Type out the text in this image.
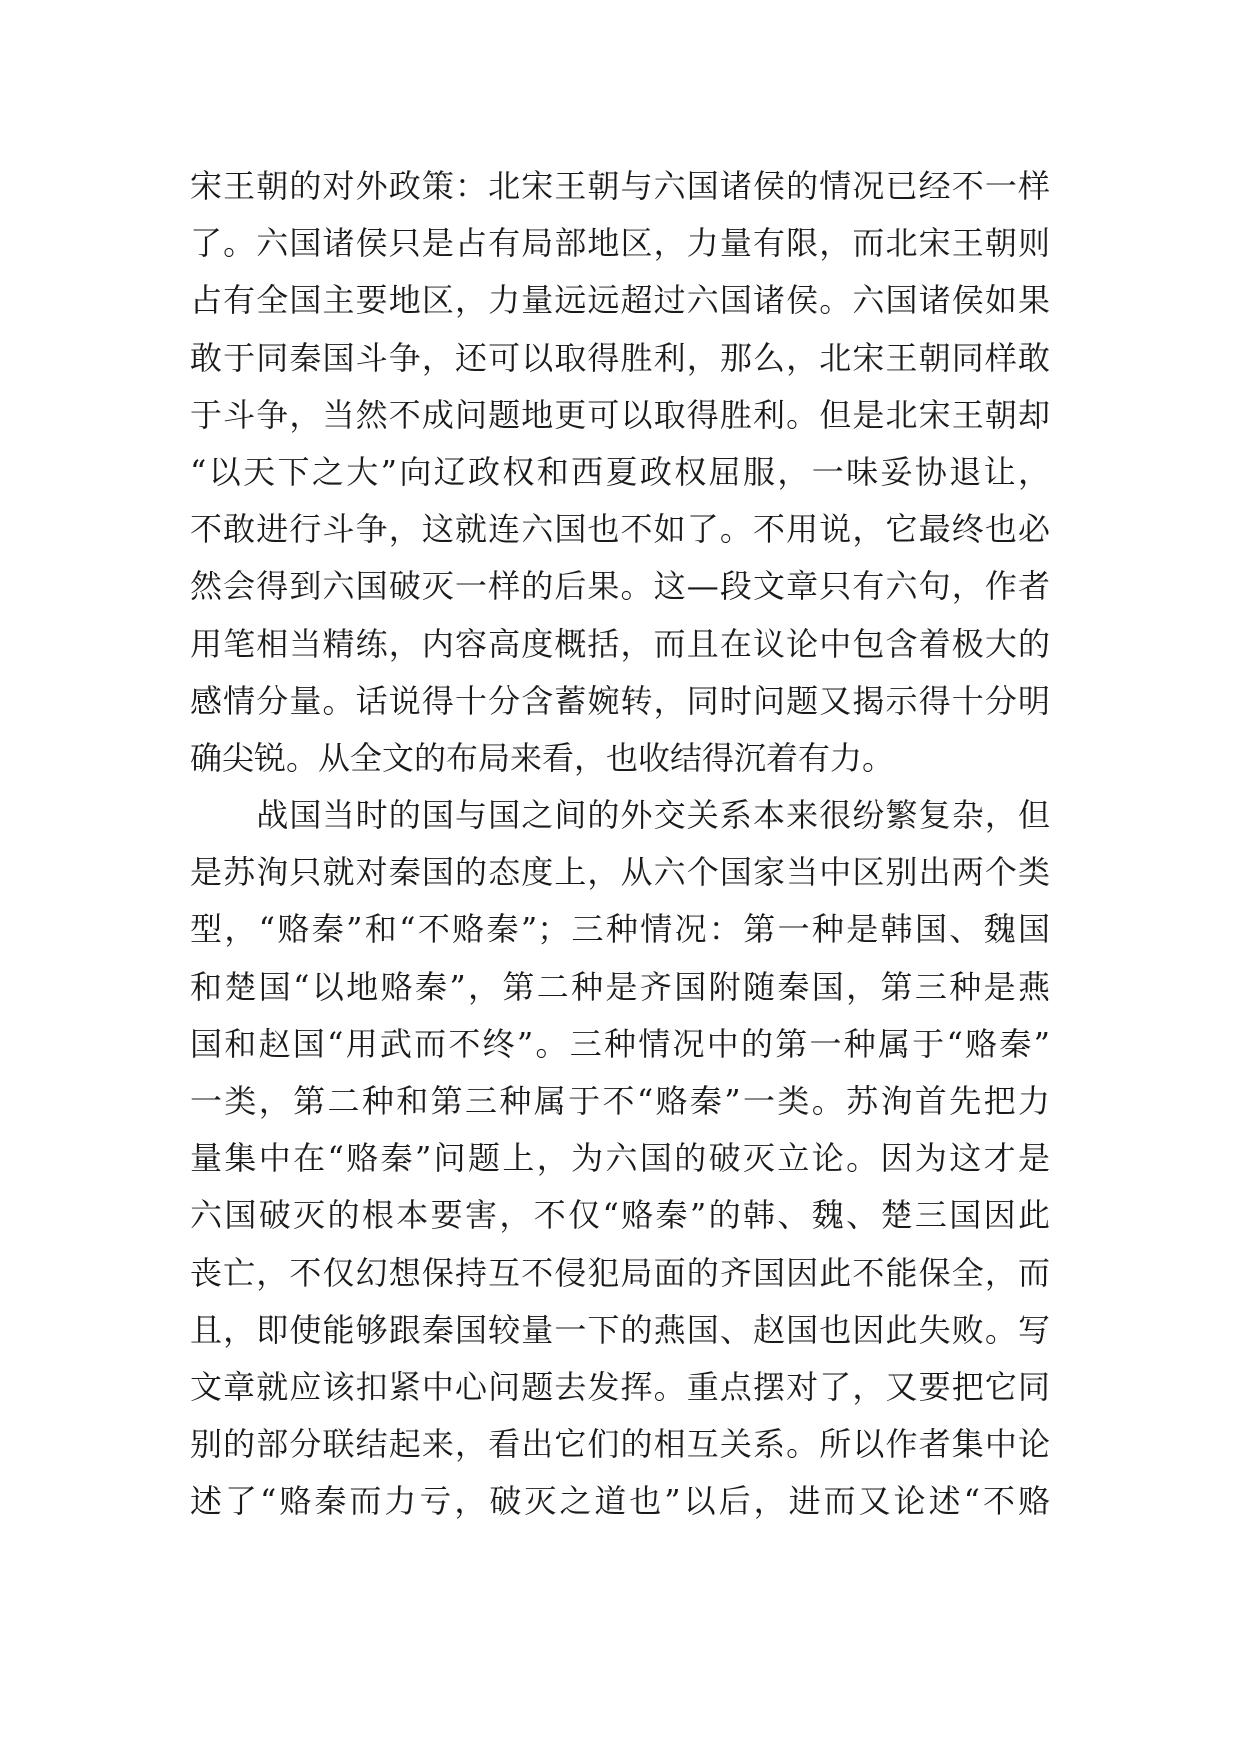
宋王朝的对外政策：北宋王朝与六国诸侯的情况已经不一样
了。六国诸侯只是占有局部地区，力量有限，而北宋王朝则
占有全国主要地区，力量远远超过六国诸侯。六国诸侯如果
敢于同秦国斗争，还可以取得胜利，那么，北宋王朝同样敢
于斗争，当然不成问题地更可以取得胜利。但是北宋王朝却
“以天下之大”向辽政权和西夏政权屈服，一味妥协退让，
不敢进行斗争，这就连六国也不如了。不用说，它最终也必
然会得到六国破灭一样的后果。这—段文章只有六句，作者
用笔相当精练，内容高度概括，而且在议论中包含着极大的
感情分量。话说得十分含蓄婉转，同时问题又揭示得十分明
确尖锐。从全文的布局来看，也收结得沉着有力。
　　战国当时的国与国之间的外交关系本来很纷繁复杂，但
是苏洵只就对秦国的态度上，从六个国家当中区别出两个类
型，“赂秦”和“不赂秦”；三种情况：第一种是韩国、魏国
和楚国“以地赂秦”，第二种是齐国附随秦国，第三种是燕
国和赵国“用武而不终”。三种情况中的第一种属于“赂秦”
一类，第二种和第三种属于不“赂秦”一类。苏洵首先把力
量集中在“赂秦”问题上，为六国的破灭立论。因为这才是
六国破灭的根本要害，不仅“赂秦”的韩、魏、楚三国因此
丧亡，不仅幻想保持互不侵犯局面的齐国因此不能保全，而
且，即使能够跟秦国较量一下的燕国、赵国也因此失败。写
文章就应该扣紧中心问题去发挥。重点摆对了，又要把它同
别的部分联结起来，看出它们的相互关系。所以作者集中论
述了“赂秦而力亏，破灭之道也”以后，进而又论述“不赂
